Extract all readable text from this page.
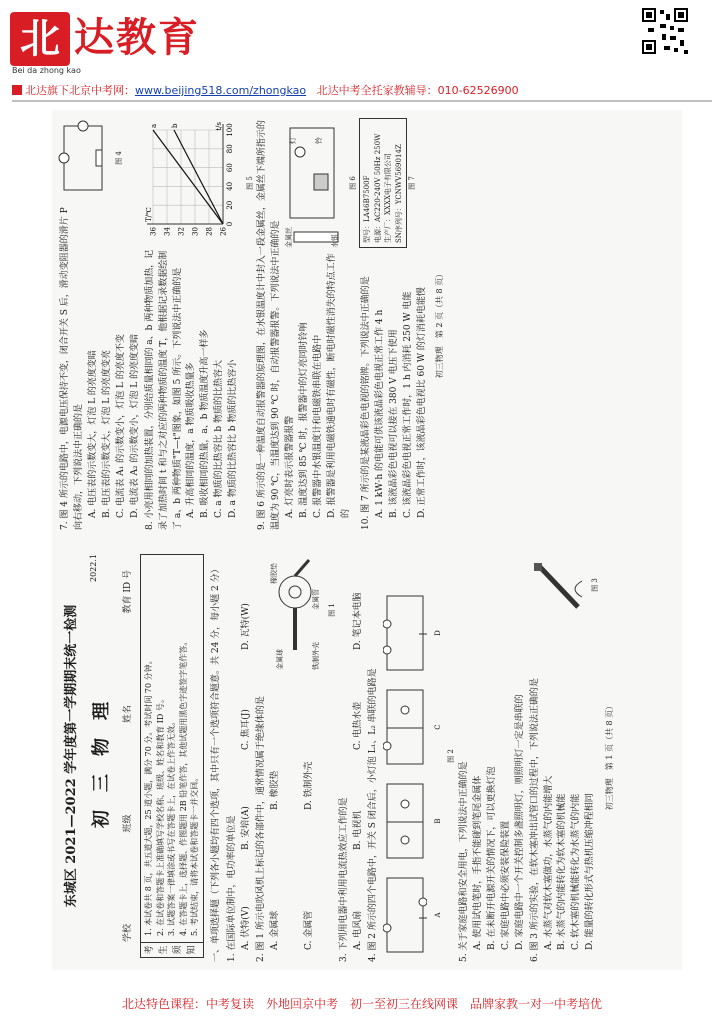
北 达教育
Bei da zhong kao
北达旗下北京中考网：www.beijing518.com/zhongkao 北达中考全托家教辅导：010-62526900
东城区 2021—2022 学年度第一学期期末统一检测
2022.1
初三物理
学校
班级
姓名
教育 ID 号
考生须知
1. 本试卷共 8 页，共五道大题，25 道小题，满分 70 分。考试时间 70 分钟。 2. 在试卷和答题卡上准确填写学校名称、班级、姓名和教育 ID 号。 3. 试题答案一律填涂或书写在答题卡上，在试卷上作答无效。 4. 在答题卡上，选择题、作图题用 2B 铅笔作答，其他试题用黑色字迹签字笔作答。 5. 考试结束，请将本试卷和答题卡一并交回。 一、单项选择题（下列各小题均有四个选项，其中只有一个选项符合题意。共 24 分，每小题 2 分） 1. 在国际单位制中，电功率的单位是 A. 伏特(V)
B. 安培(A)
C. 焦耳(J)
D. 瓦特(W)
2. 图 1 所示电吹风机上标记的各部件中，通常情况属于绝缘体的是 A. 金属球
B. 橡胶垫
C. 金属管
D. 铁制外壳
金属球
橡胶垫
金属管
铁制外壳
图 1
3. 下列用电器中利用电流热效应工作的是 A. 电风扇
B. 电视机
C. 电热水壶
D. 笔记本电脑
4. 图 2 所示的四个电路中，开关 S 闭合后，小灯泡 L₁、L₂ 串联的电路是	A
B
C
D
图 2
5. 关于家庭电路和安全用电，下列说法中正确的是 A. 使用试电笔时，手指不能碰到笔尾金属体 B. 在未断开电源开关的情况下，可以更换灯泡 C. 家庭电路中必须安装保险装置 D. 家庭电路中一个开关控制多盏照明灯，则照明灯一定是串联的 6. 图 3 所示的实验，在软木塞冲出试管口的过程中，下列说法正确的是 A. 水蒸气对软木塞做功，水蒸气的内能增大 B. 水蒸气的内能转化为软木塞的机械能 C. 软木塞的机械能转化为水蒸气的内能 D. 能量的转化形式与热机压缩冲程相同
图 3
初三物理　第 1 页（共 8 页）
7. 图 4 所示的电路中，电源电压保持不变，闭合开关 S 后，滑动变阻器的滑片 P 向右移动，下列说法中正确的是 A. 电压表的示数变大，灯泡 L 的亮度变暗 B. 电压表的示数变大，灯泡 L 的亮度变亮 C. 电流表 A₁ 的示数变小，灯泡 L 的亮度不变 D. 电流表 A₂ 的示数变小，灯泡 L 的亮度变暗
图 4
8. 小亮用相同的加热装置，分别给质量相同的 a、b 两种物质加热，记录了加热时间 t 和与之对应的两种物质的温度 T，他根据记录数据绘制了 a、b 两种物质"T—t"图象，如图 5 所示。下列说法中正确的是 A. 升高相同的温度，a 物质吸收热量多 B. 吸收相同的热量，a、b 物质温度升高一样多 C. a 物质的比热容比 b 物质的比热容大 D. a 物质的比热容比 b 物质的比热容小
26
28
30
32
34
36
0
20
40
60
80
100
T/℃
t/s
a b
图 5 9. 图 6 所示的是一种温度自动报警器的原理图，在水银温度计中封入一段金属丝，金属丝下端所指示的温度为 90 ℃，当温度达到 90 ℃ 时，自动报警器报警。下列说法中正确的是 A. 灯亮时表示报警器报警 B. 温度达到 85 ℃ 时，报警器中的灯亮同时铃响 C. 报警器中水银温度计和电磁铁串联在电路中 D. 报警器是利用电磁铁通电时有磁性，断电时磁性消失的特点工作的
金属丝	水银
灯	铃
图 6
10. 图 7 所示的是某液晶彩色电视的铭牌。下列说法中正确的是 A. 1 kW·h 的电能可供该液晶彩色电视正常工作 4 h B. 该液晶彩色电视可以接在 380 V 电压下使用 C. 该液晶彩色电视正常工作时，1 h 内消耗 250 W 电能 D. 正常工作时，该液晶彩色电视比 60 W 的灯消耗电能慢
型号：LA46B7500F 电源：AC220-240V 50Hz 250W 生产厂：XXXX电子有限公司 SN序列号：YCNWV569014Z 图 7
初三物理　第 2 页（共 8 页）
北达特色课程：中考复读　外地回京中考　初一至初三在线网课　品牌家教一对一中考培优
